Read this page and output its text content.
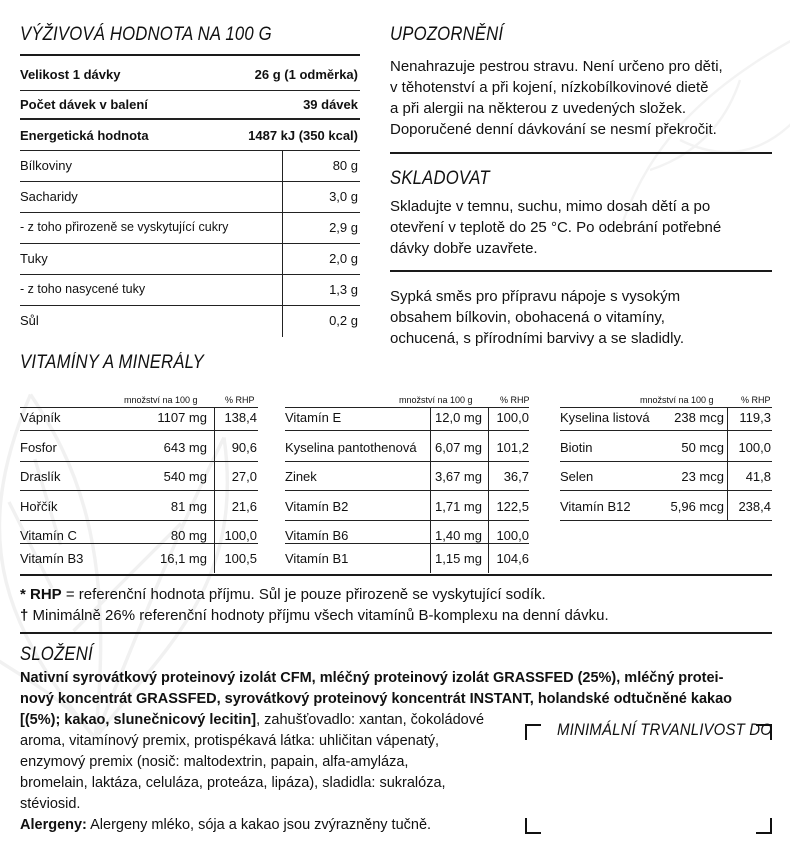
VÝŽIVOVÁ HODNOTA NA 100 G
Velikost 1 dávky	26 g (1 odměrka)
Počet dávek v balení	39 dávek
Energetická hodnota	1487 kJ (350 kcal)
Bílkoviny	80 g
Sacharidy	3,0 g
- z toho přirozeně se vyskytující cukry	2,9 g
Tuky	2,0 g
- z toho nasycené tuky	1,3 g
Sůl	0,2 g
UPOZORNĚNÍ
Nenahrazuje pestrou stravu. Není určeno pro děti,
v těhotenství a při kojení, nízkobílkovinové dietě
a při alergii na některou z uvedených složek.
Doporučené denní dávkování se nesmí překročit.
SKLADOVAT
Skladujte v temnu, suchu, mimo dosah dětí a po
otevření v teplotě do 25 °C. Po odebrání potřebné
dávky dobře uzavřete.
Sypká směs pro přípravu nápoje s vysokým
obsahem bílkovin, obohacená o vitamíny,
ochucená, s přírodními barvivy a se sladidly.
VITAMÍNY A MINERÁLY
množství na 100 g	% RHP
Vápník	1107 mg 138,4
Fosfor	643 mg 90,6
Draslík	540 mg 27,0
Hořčík	81 mg 21,6
Vitamín C	80 mg 100,0
Vitamín B3	16,1 mg 100,5
množství na 100 g	% RHP
Vitamín E	12,0 mg 100,0
Kyselina pantothenová 6,07 mg 101,2
Zinek	3,67 mg 36,7
Vitamín B2	1,71 mg 122,5
Vitamín B6	1,40 mg 100,0
Vitamín B1	1,15 mg 104,6
množství na 100 g	% RHP
Kyselina listová 238 mcg 119,3
Biotin	50 mcg 100,0
Selen	23 mcg 41,8
Vitamín B12	5,96 mcg 238,4
* RHP = referenční hodnota příjmu. Sůl je pouze přirozeně se vyskytující sodík.
† Minimálně 26% referenční hodnoty příjmu všech vitamínů B-komplexu na denní dávku.
SLOŽENÍ
Nativní syrovátkový proteinový izolát CFM, mléčný proteinový izolát GRASSFED (25%), mléčný protei-
nový koncentrát GRASSFED, syrovátkový proteinový koncentrát INSTANT, holandské odtučněné kakao
[(5%); kakao, slunečnicový lecitin], zahušťovadlo: xantan, čokoládové
aroma, vitamínový premix, protispékavá látka: uhličitan vápenatý,
enzymový premix (nosič: maltodextrin, papain, alfa-amyláza,
bromelain, laktáza, celuláza, proteáza, lipáza), sladidla: sukralóza,
stéviosid.
Alergeny: Alergeny mléko, sója a kakao jsou zvýrazněny tučně.
MINIMÁLNÍ TRVANLIVOST DO
